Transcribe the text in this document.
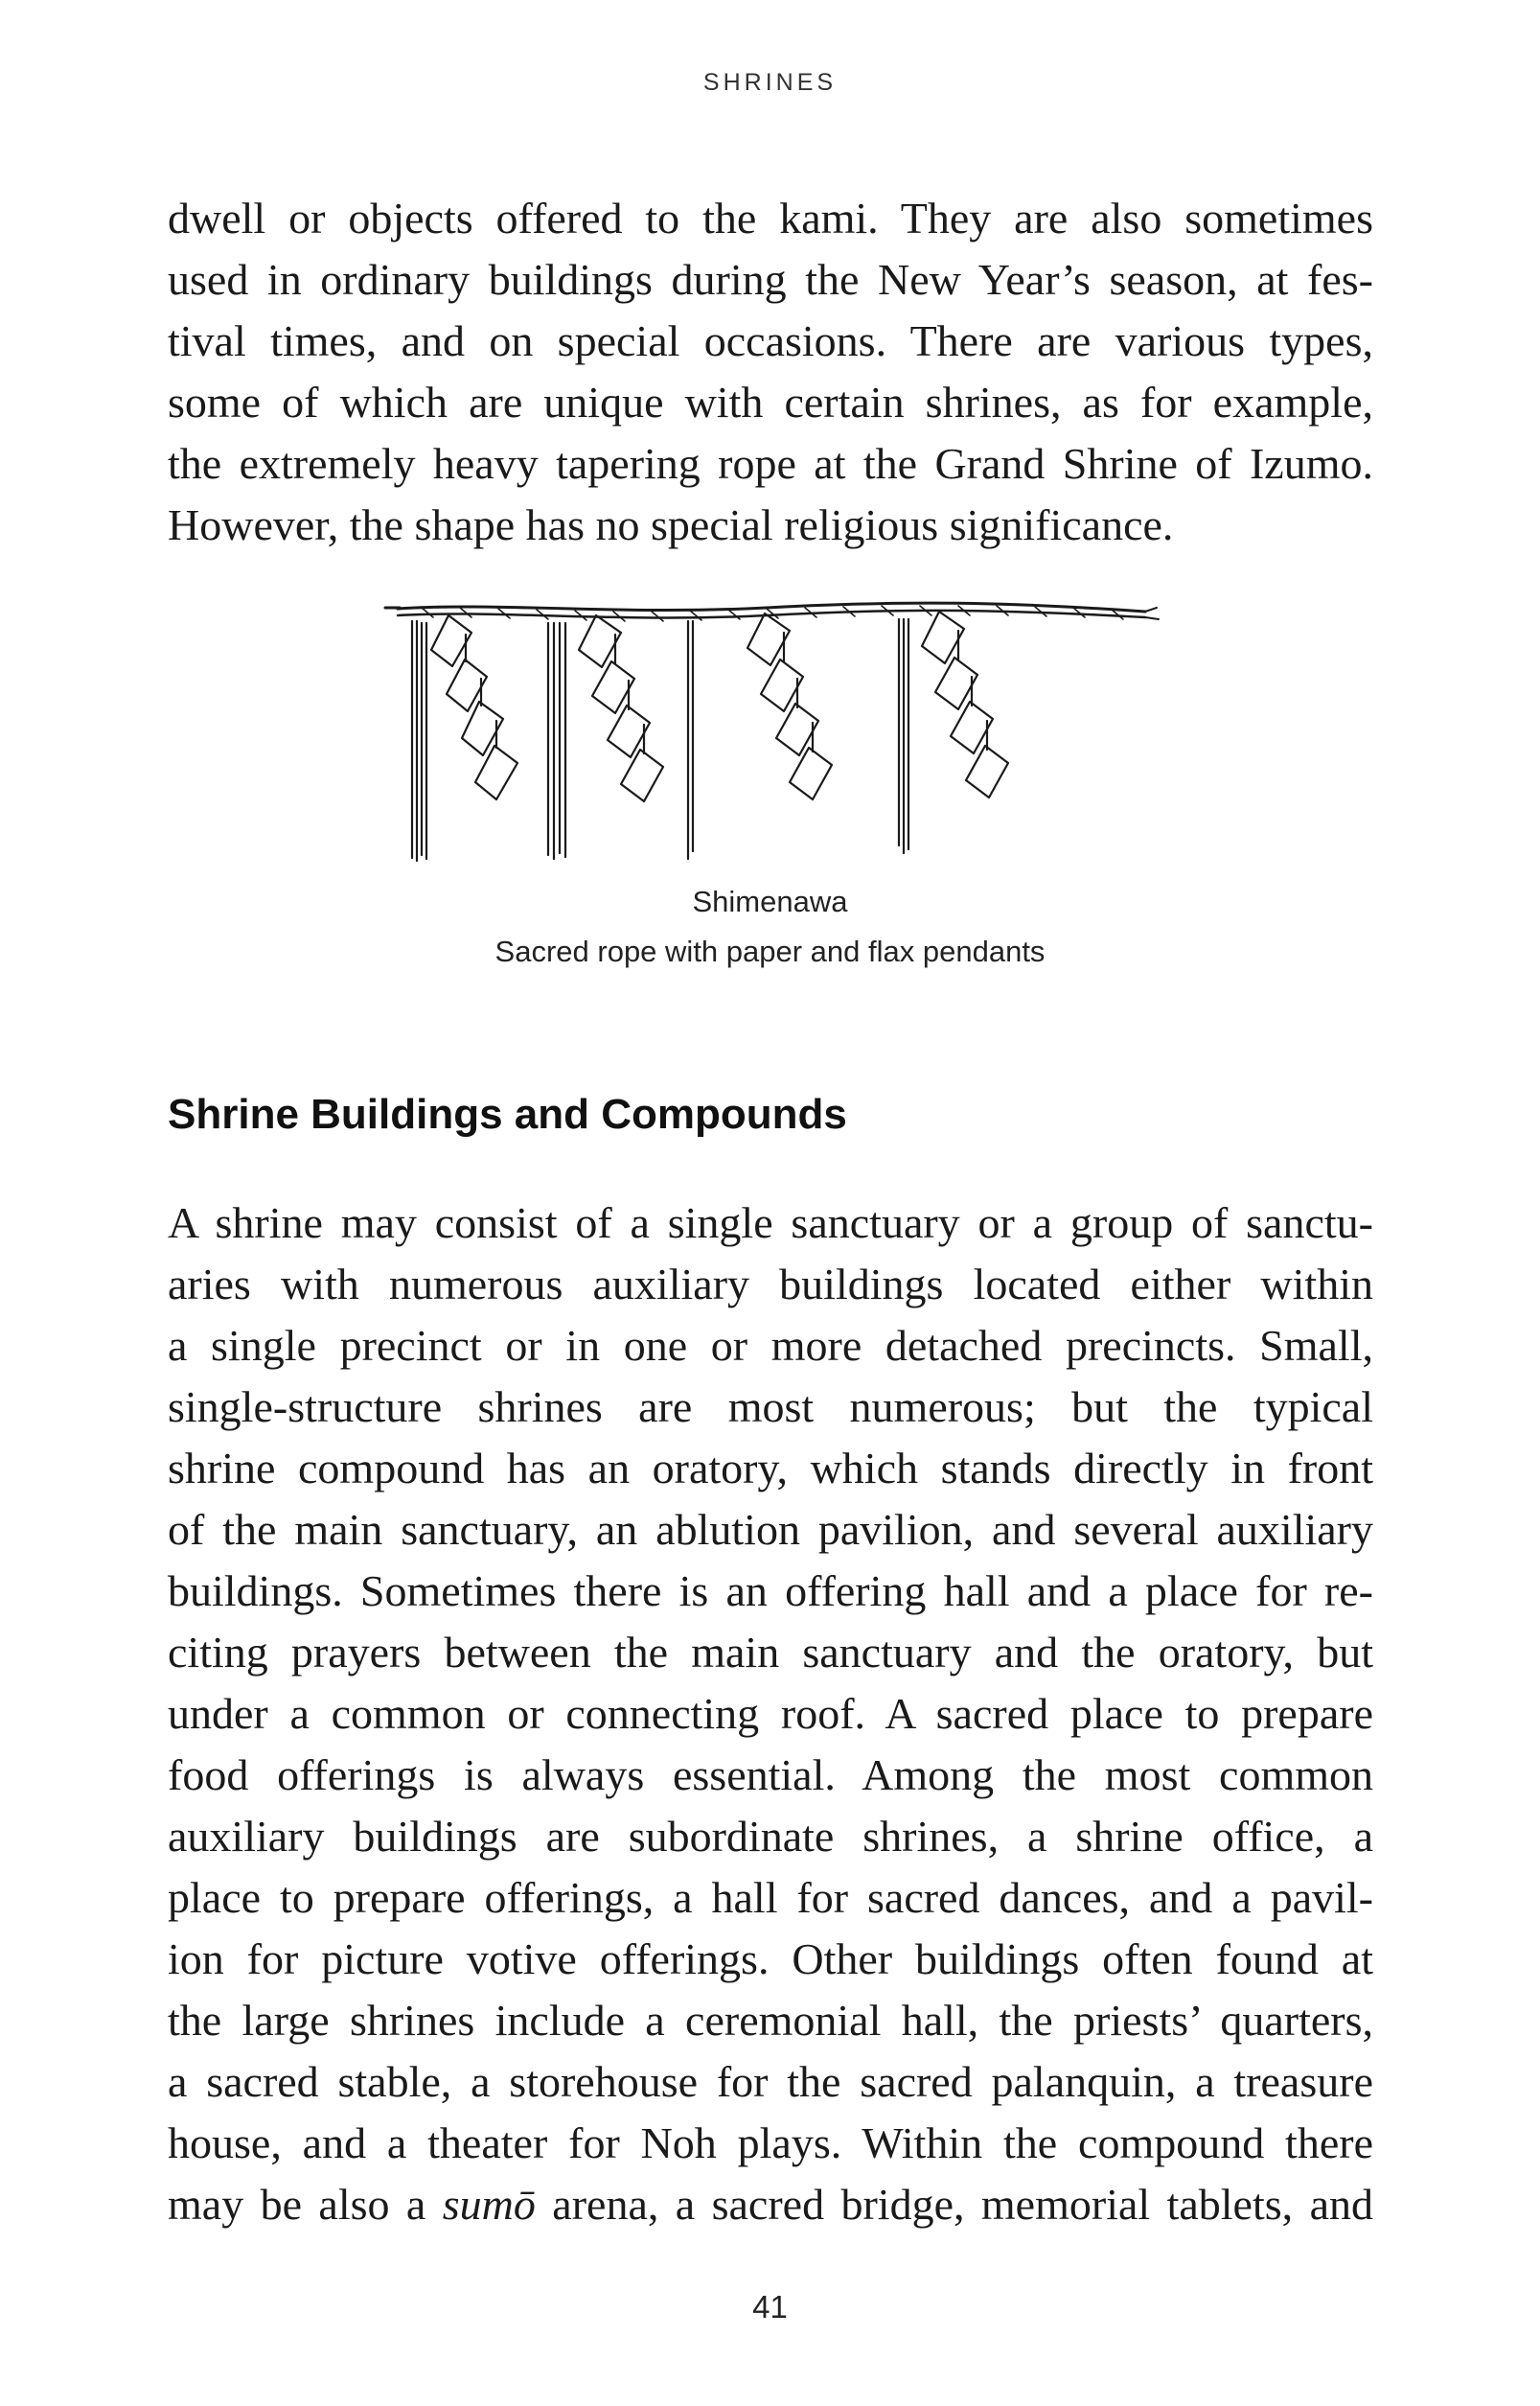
SHRINES
dwell or objects offered to the kami. They are also sometimes
used in ordinary buildings during the New Year’s season, at fes-
tival times, and on special occasions. There are various types,
some of which are unique with certain shrines, as for example,
the extremely heavy tapering rope at the Grand Shrine of Izumo.
However, the shape has no special religious significance.
Shimenawa
Sacred rope with paper and flax pendants
Shrine Buildings and Compounds
A shrine may consist of a single sanctuary or a group of sanctu-
aries with numerous auxiliary buildings located either within
a single precinct or in one or more detached precincts. Small,
single-structure shrines are most numerous; but the typical
shrine compound has an oratory, which stands directly in front
of the main sanctuary, an ablution pavilion, and several auxiliary
buildings. Sometimes there is an offering hall and a place for re-
citing prayers between the main sanctuary and the oratory, but
under a common or connecting roof. A sacred place to prepare
food offerings is always essential. Among the most common
auxiliary buildings are subordinate shrines, a shrine office, a
place to prepare offerings, a hall for sacred dances, and a pavil-
ion for picture votive offerings. Other buildings often found at
the large shrines include a ceremonial hall, the priests’ quarters,
a sacred stable, a storehouse for the sacred palanquin, a treasure
house, and a theater for Noh plays. Within the compound there
may be also a sumō arena, a sacred bridge, memorial tablets, and
41
